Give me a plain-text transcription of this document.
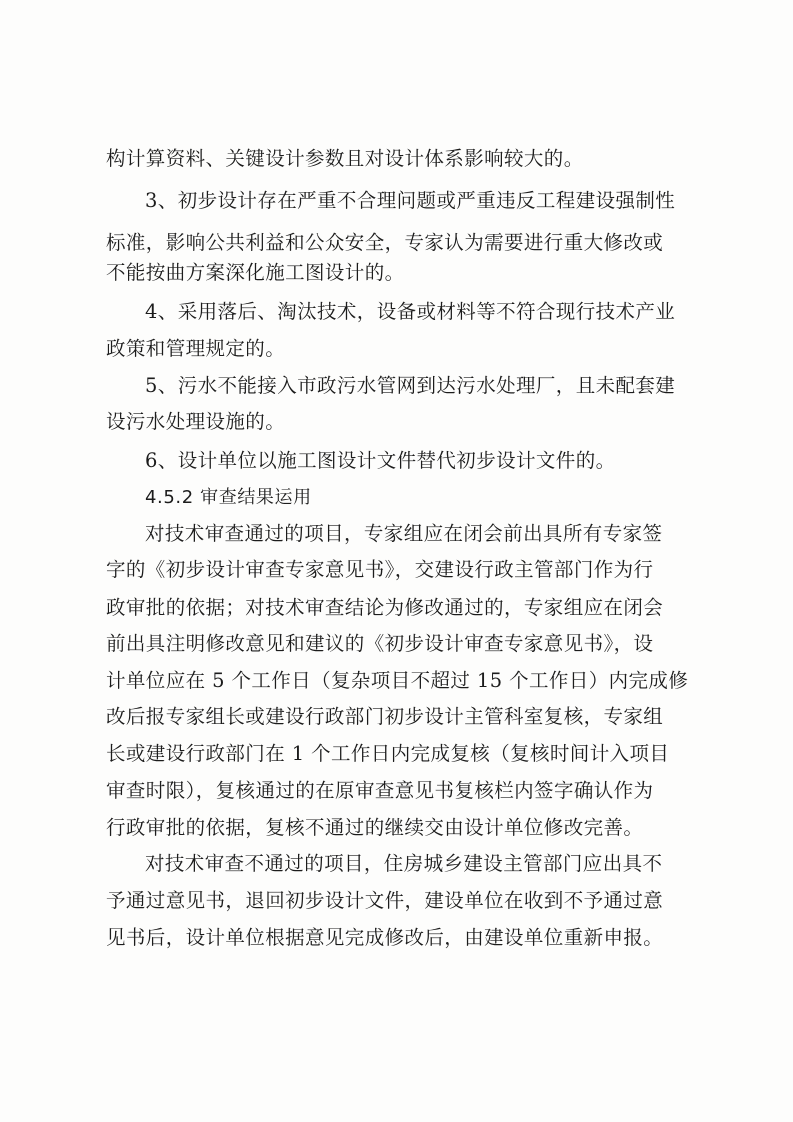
构计算资料、关键设计参数且对设计体系影响较大的。
3、初步设计存在严重不合理问题或严重违反工程建设强制性
标准，影响公共利益和公众安全，专家认为需要进行重大修改或
不能按曲方案深化施工图设计的。
4、采用落后、淘汰技术，设备或材料等不符合现行技术产业
政策和管理规定的。
5、污水不能接入市政污水管网到达污水处理厂，且未配套建
设污水处理设施的。
6、设计单位以施工图设计文件替代初步设计文件的。
4.5.2 审查结果运用
对技术审查通过的项目，专家组应在闭会前出具所有专家签
字的《初步设计审查专家意见书》，交建设行政主管部门作为行
政审批的依据；对技术审查结论为修改通过的，专家组应在闭会
前出具注明修改意见和建议的《初步设计审查专家意见书》，设
计单位应在 5 个工作日（复杂项目不超过 15 个工作日）内完成修
改后报专家组长或建设行政部门初步设计主管科室复核，专家组
长或建设行政部门在 1 个工作日内完成复核（复核时间计入项目
审查时限），复核通过的在原审查意见书复核栏内签字确认作为
行政审批的依据，复核不通过的继续交由设计单位修改完善。
对技术审查不通过的项目，住房城乡建设主管部门应出具不
予通过意见书，退回初步设计文件，建设单位在收到不予通过意
见书后，设计单位根据意见完成修改后，由建设单位重新申报。
